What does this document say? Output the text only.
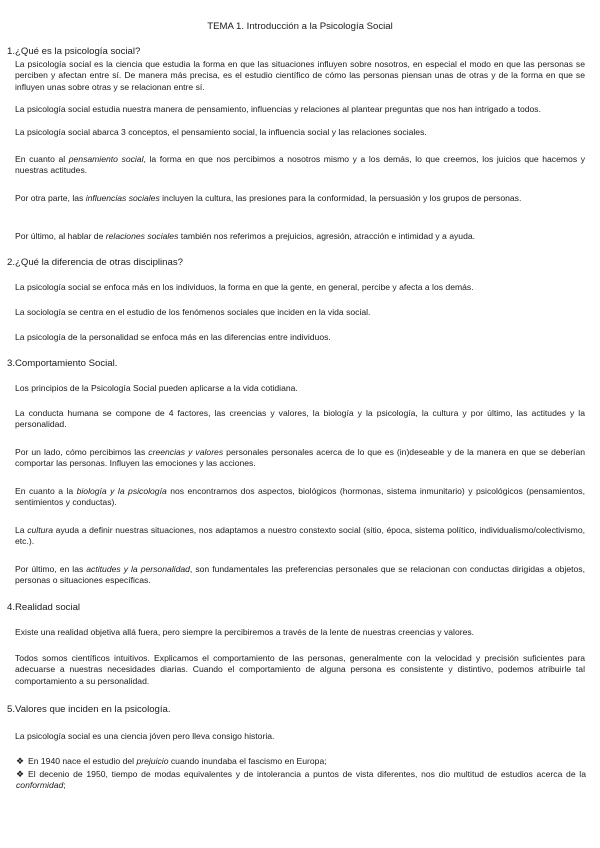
TEMA 1. Introducción a la Psicología Social
1.¿Qué es la psicología social?
La psicología social es la ciencia que estudia la forma en que las situaciones influyen sobre nosotros, en especial el modo en que las personas se perciben y afectan entre sí. De manera más precisa, es el estudio científico de cómo las personas piensan unas de otras y de la forma en que se influyen unas sobre otras y se relacionan entre sí.
La psicología social estudia nuestra manera de pensamiento, influencias y relaciones al plantear preguntas que nos han intrigado a todos.
La psicología social abarca 3 conceptos, el pensamiento social, la influencia social y las relaciones sociales.
En cuanto al pensamiento social, la forma en que nos percibimos a nosotros mismo y a los demás, lo que creemos, los juicios que hacemos y nuestras actitudes.
Por otra parte, las influencias sociales incluyen la cultura, las presiones para la conformidad, la persuasión y los grupos de personas.
Por último, al hablar de relaciones sociales también nos referimos a prejuicios, agresión, atracción e intimidad y a ayuda.
2.¿Qué la diferencia de otras disciplinas?
La psicología social se enfoca más en los individuos, la forma en que la gente, en general, percibe y afecta a los demás.
La sociología se centra en el estudio de los fenómenos sociales que inciden en la vida social.
La psicología de la personalidad se enfoca más en las diferencias entre individuos.
3.Comportamiento Social.
Los principios de la Psicología Social pueden aplicarse a la vida cotidiana.
La conducta humana se compone de 4 factores, las creencias y valores, la biología y la psicología, la cultura y por último, las actitudes y la personalidad.
Por un lado, cómo percibimos las creencias y valores personales personales acerca de lo que es (in)deseable y de la manera en que se deberían comportar las personas. Influyen las emociones y las acciones.
En cuanto a la biología y la psicología nos encontramos dos aspectos, biológicos (hormonas, sistema inmunitario) y psicológicos (pensamientos, sentimientos y conductas).
La cultura ayuda a definir nuestras situaciones, nos adaptamos a nuestro constexto social (sitio, época, sistema político, individualismo/colectivismo, etc.).
Por último, en las actitudes y la personalidad, son fundamentales las preferencias personales que se relacionan con conductas dirigidas a objetos, personas o situaciones específicas.
4.Realidad social
Existe una realidad objetiva allá fuera, pero siempre la percibiremos a través de la lente de nuestras creencias y valores.
Todos somos científicos intuitivos. Explicamos el comportamiento de las personas, generalmente con la velocidad y precisión suficientes para adecuarse a nuestras necesidades diarias. Cuando el comportamiento de alguna persona es consistente y distintivo, podemos atribuirle tal comportamiento a su personalidad.
5.Valores que inciden en la psicología.
La psicología social es una ciencia jóven pero lleva consigo historia.
❖ En 1940 nace el estudio del prejuicio cuando inundaba el fascismo en Europa;
❖ El decenio de 1950, tiempo de modas equivalentes y de intolerancia a puntos de vista diferentes, nos dio multitud de estudios acerca de la conformidad;
